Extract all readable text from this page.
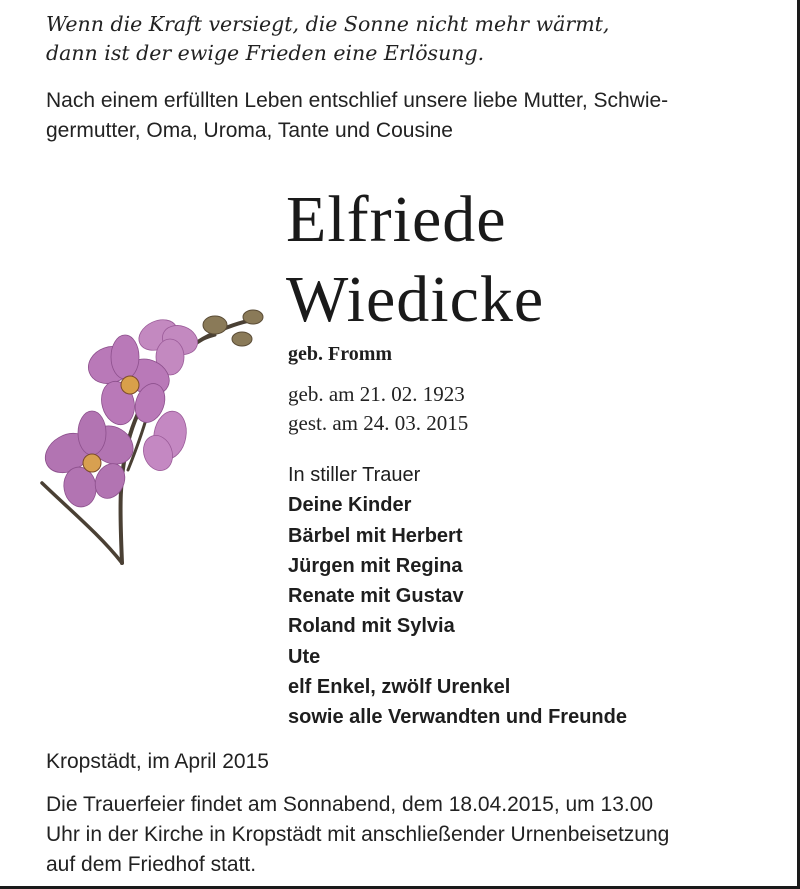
Wenn die Kraft versiegt, die Sonne nicht mehr wärmt,
dann ist der ewige Frieden eine Erlösung.
Nach einem erfüllten Leben entschlief unsere liebe Mutter, Schwie-
germutter, Oma, Uroma, Tante und Cousine
Elfriede
Wiedicke
geb. Fromm
geb. am 21. 02. 1923
gest. am 24. 03. 2015
In stiller Trauer
Deine Kinder
Bärbel mit Herbert
Jürgen mit Regina
Renate mit Gustav
Roland mit Sylvia
Ute
elf Enkel, zwölf Urenkel
sowie alle Verwandten und Freunde
Kropstädt, im April 2015
Die Trauerfeier findet am Sonnabend, dem 18.04.2015, um 13.00
Uhr in der Kirche in Kropstädt mit anschließender Urnenbeisetzung
auf dem Friedhof statt.
